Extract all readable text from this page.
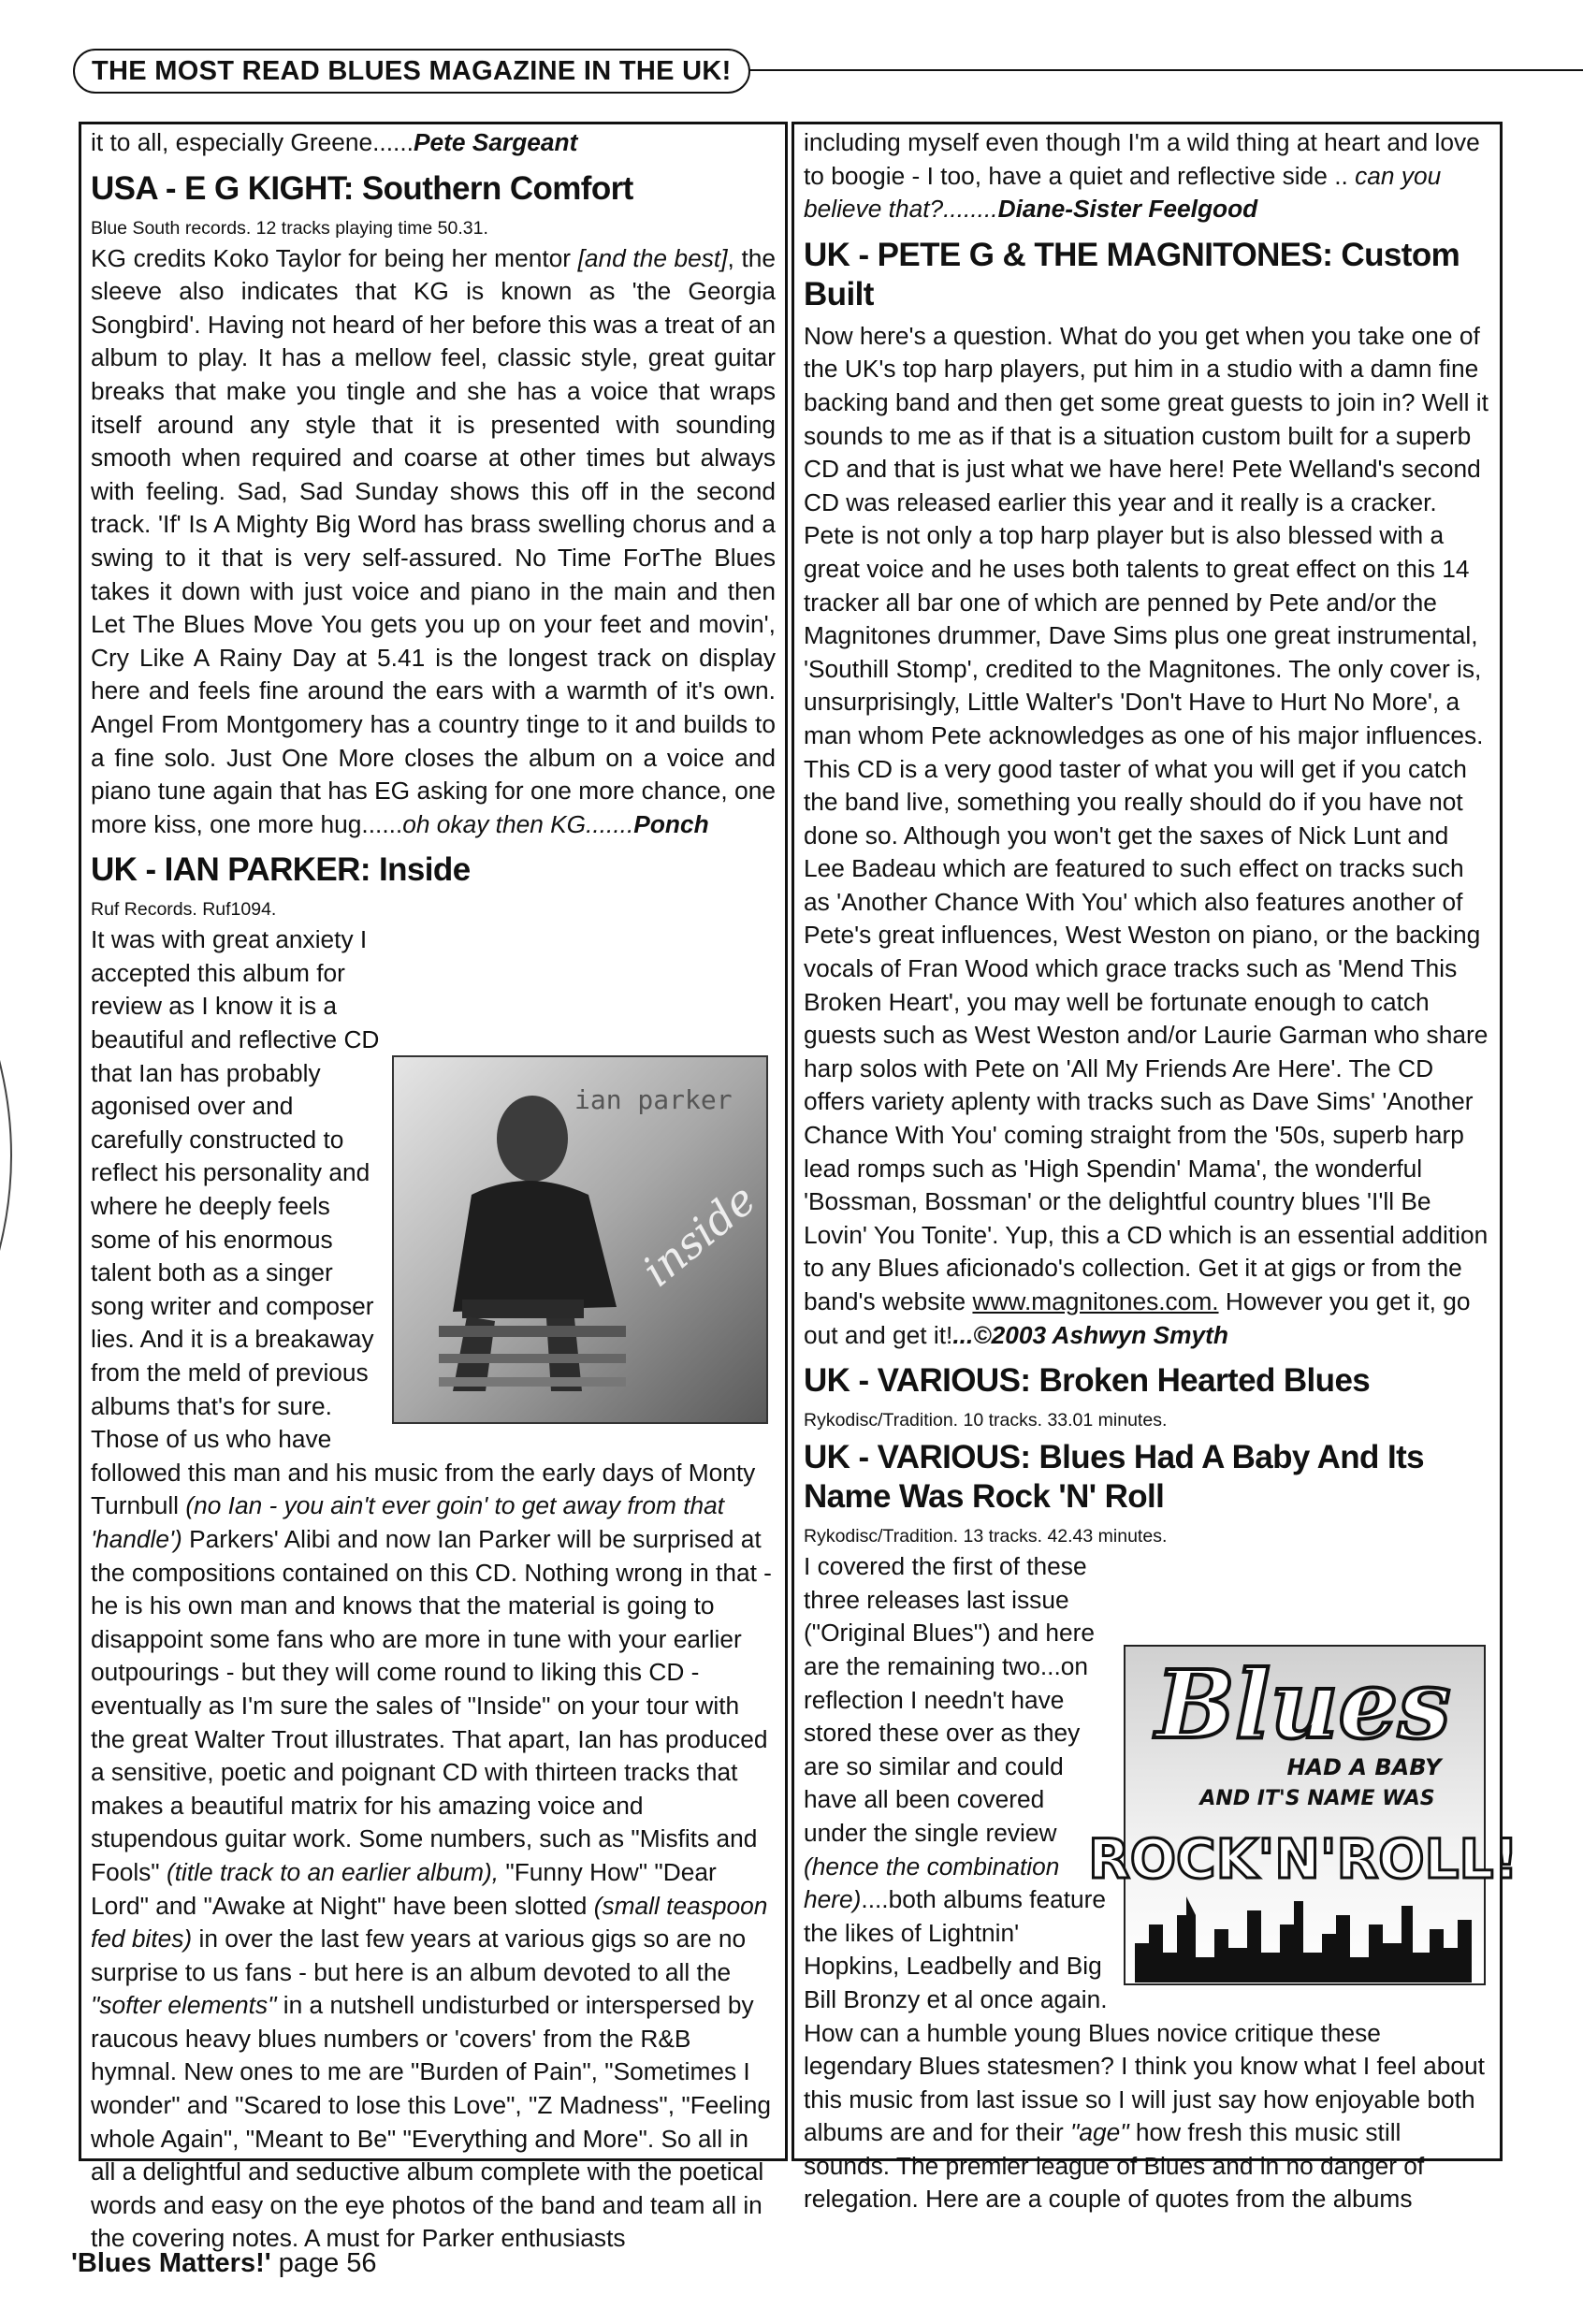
THE MOST READ BLUES MAGAZINE IN THE UK!

it to all, especially Greene......Pete Sargeant

USA - E G KIGHT: Southern Comfort
Blue South records. 12 tracks playing time 50.31.

KG credits Koko Taylor for being her mentor [and the best], the sleeve also indicates that KG is known as 'the Georgia Songbird'. Having not heard of her before this was a treat of an album to play. It has a mellow feel, classic style, great guitar breaks that make you tingle and she has a voice that wraps itself around any style that it is presented with sounding smooth when required and coarse at other times but always with feeling. Sad, Sad Sunday shows this off in the second track. 'If' Is A Mighty Big Word has brass swelling chorus and a swing to it that is very self-assured. No Time ForThe Blues takes it down with just voice and piano in the main and then Let The Blues Move You gets you up on your feet and movin', Cry Like A Rainy Day at 5.41 is the longest track on display here and feels fine around the ears with a warmth of it's own. Angel From Montgomery has a country tinge to it and builds to a fine solo. Just One More closes the album on a voice and piano tune again that has EG asking for one more chance, one more kiss, one more hug......oh okay then KG.......Ponch

UK - IAN PARKER: Inside
Ruf Records. Ruf1094.

ian parker
inside
It was with great anxiety I accepted this album for review as I know it is a beautiful and reflective CD that Ian has probably agonised over and carefully constructed to reflect his personality and where he deeply feels some of his enormous talent both as a singer song writer and composer lies. And it is a breakaway from the meld of previous albums that's for sure. Those of us who have followed this man and his music from the early days of Monty Turnbull (no Ian - you ain't ever goin' to get away from that 'handle') Parkers' Alibi and now Ian Parker will be surprised at the compositions contained on this CD. Nothing wrong in that - he is his own man and knows that the material is going to disappoint some fans who are more in tune with your earlier outpourings - but they will come round to liking this CD - eventually as I'm sure the sales of "Inside" on your tour with the great Walter Trout illustrates. That apart, Ian has produced a sensitive, poetic and poignant CD with thirteen tracks that makes a beautiful matrix for his amazing voice and stupendous guitar work. Some numbers, such as "Misfits and Fools" (title track to an earlier album), "Funny How" "Dear Lord" and "Awake at Night" have been slotted (small teaspoon fed bites) in over the last few years at various gigs so are no surprise to us fans - but here is an album devoted to all the "softer elements" in a nutshell undisturbed or interspersed by raucous heavy blues numbers or 'covers' from the R&B hymnal. New ones to me are "Burden of Pain", "Sometimes I wonder" and "Scared to lose this Love", "Z Madness", "Feeling whole Again", "Meant to Be" "Everything and More". So all in all a delightful and seductive album complete with the poetical words and easy on the eye photos of the band and team all in the covering notes. A must for Parker enthusiasts

including myself even though I'm a wild thing at heart and love to boogie - I too, have a quiet and reflective side .. can you believe that?........Diane-Sister Feelgood

UK - PETE G & THE MAGNITONES: Custom Built

Now here's a question. What do you get when you take one of the UK's top harp players, put him in a studio with a damn fine backing band and then get some great guests to join in? Well it sounds to me as if that is a situation custom built for a superb CD and that is just what we have here! Pete Welland's second CD was released earlier this year and it really is a cracker. Pete is not only a top harp player but is also blessed with a great voice and he uses both talents to great effect on this 14 tracker all bar one of which are penned by Pete and/or the Magnitones drummer, Dave Sims plus one great instrumental, 'Southill Stomp', credited to the Magnitones. The only cover is, unsurprisingly, Little Walter's 'Don't Have to Hurt No More', a man whom Pete acknowledges as one of his major influences. This CD is a very good taster of what you will get if you catch the band live, something you really should do if you have not done so. Although you won't get the saxes of Nick Lunt and Lee Badeau which are featured to such effect on tracks such as 'Another Chance With You' which also features another of Pete's great influences, West Weston on piano, or the backing vocals of Fran Wood which grace tracks such as 'Mend This Broken Heart', you may well be fortunate enough to catch guests such as West Weston and/or Laurie Garman who share harp solos with Pete on 'All My Friends Are Here'. The CD offers variety aplenty with tracks such as Dave Sims' 'Another Chance With You' coming straight from the '50s, superb harp lead romps such as 'High Spendin' Mama', the wonderful 'Bossman, Bossman' or the delightful country blues 'I'll Be Lovin' You Tonite'. Yup, this a CD which is an essential addition to any Blues aficionado's collection. Get it at gigs or from the band's website www.magnitones.com. However you get it, go out and get it!...©2003 Ashwyn Smyth

UK - VARIOUS: Broken Hearted Blues
Rykodisc/Tradition. 10 tracks. 33.01 minutes.
UK - VARIOUS: Blues Had A Baby And Its Name Was Rock 'N' Roll
Rykodisc/Tradition. 13 tracks. 42.43 minutes.

Blues
HAD A BABY
AND IT'S NAME WAS
ROCK'N'ROLL!
I covered the first of these three releases last issue ("Original Blues") and here are the remaining two...on reflection I needn't have stored these over as they are so similar and could have all been covered under the single review (hence the combination here)....both albums feature the likes of Lightnin' Hopkins, Leadbelly and Big Bill Bronzy et al once again. How can a humble young Blues novice critique these legendary Blues statesmen? I think you know what I feel about this music from last issue so I will just say how enjoyable both albums are and for their "age" how fresh this music still sounds. The premier league of Blues and in no danger of relegation. Here are a couple of quotes from the albums

'Blues Matters!' page 56
